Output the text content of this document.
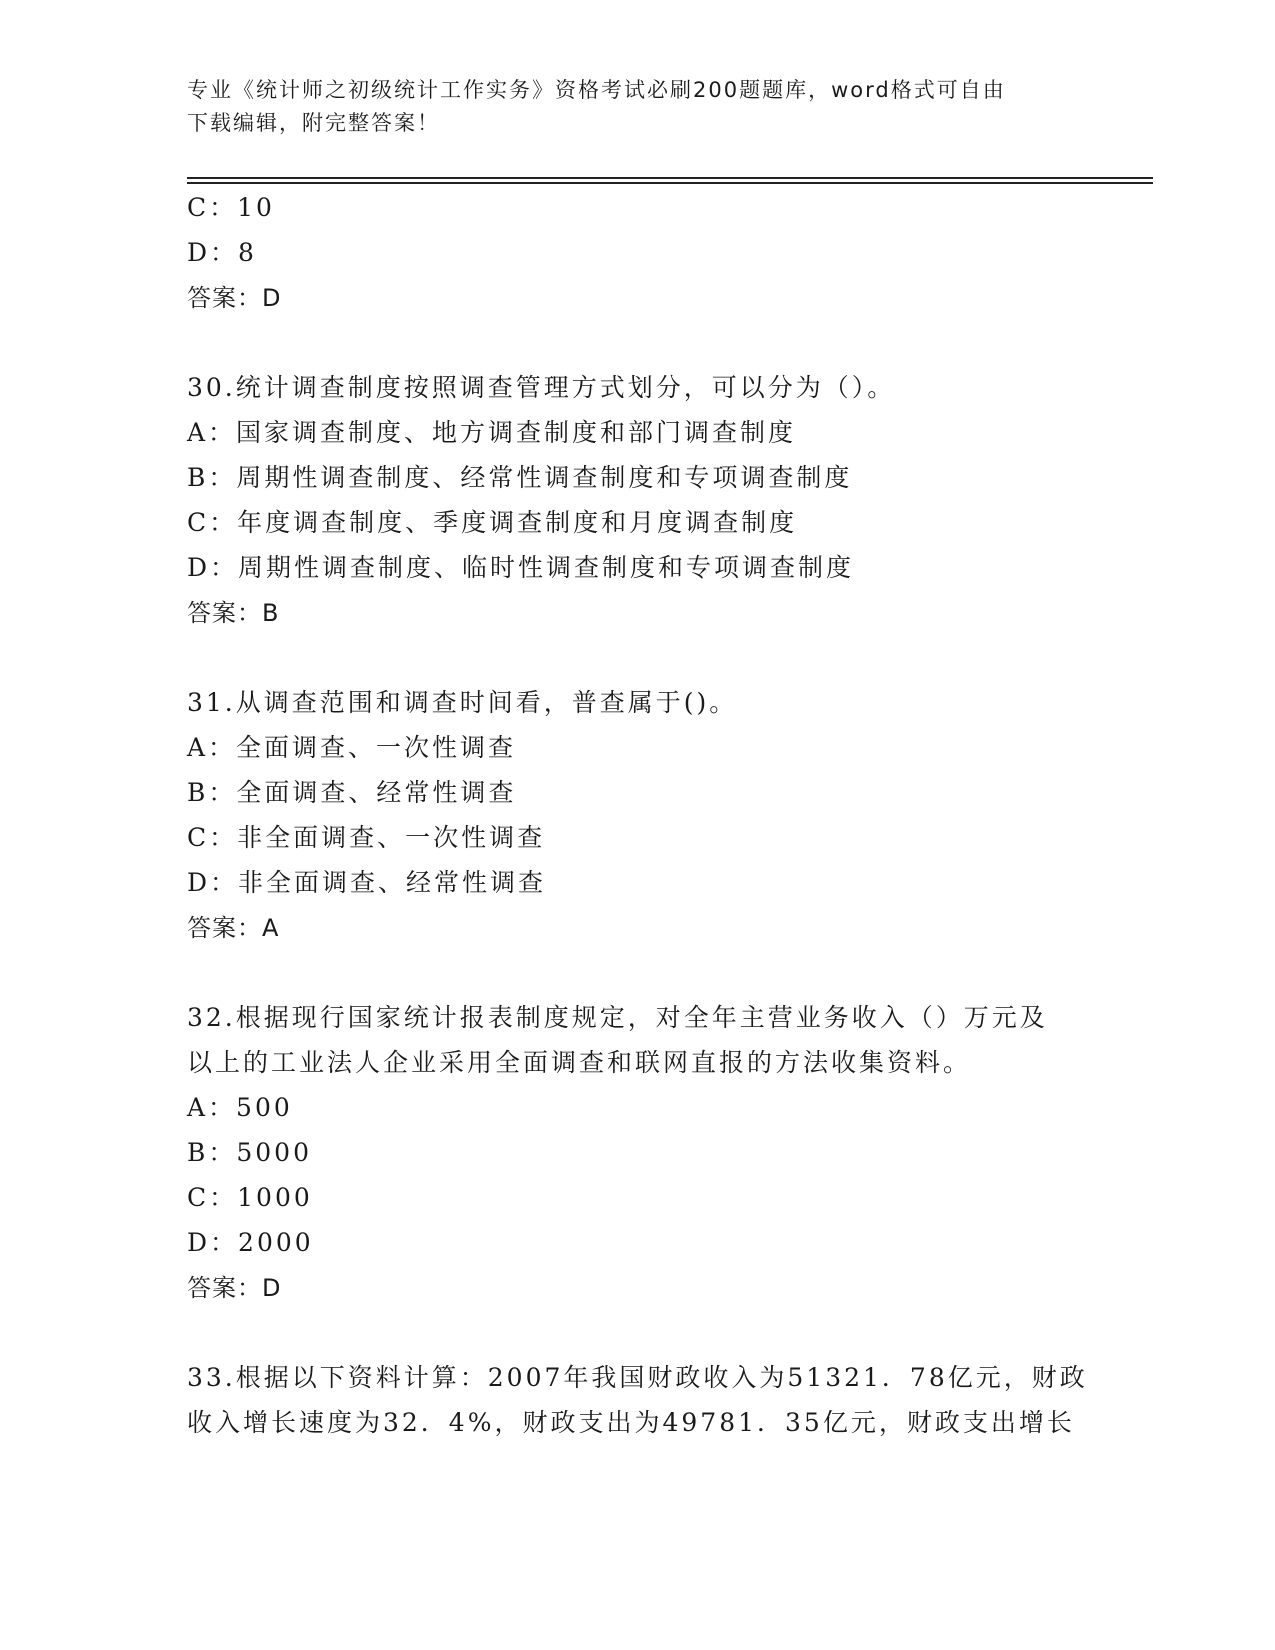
专业《统计师之初级统计工作实务》资格考试必刷200题题库，word格式可自由
下载编辑，附完整答案！
C：10
D：8
答案：D
30.统计调查制度按照调查管理方式划分，可以分为（）。
A：国家调查制度、地方调查制度和部门调查制度
B：周期性调查制度、经常性调查制度和专项调查制度
C：年度调查制度、季度调查制度和月度调查制度
D：周期性调查制度、临时性调查制度和专项调查制度
答案：B
31.从调查范围和调查时间看，普查属于()。
A：全面调查、一次性调查
B：全面调查、经常性调查
C：非全面调查、一次性调查
D：非全面调查、经常性调查
答案：A
32.根据现行国家统计报表制度规定，对全年主营业务收入（）万元及
以上的工业法人企业采用全面调查和联网直报的方法收集资料。
A：500
B：5000
C：1000
D：2000
答案：D
33.根据以下资料计算：2007年我国财政收入为51321．78亿元，财政
收入增长速度为32．4%，财政支出为49781．35亿元，财政支出增长
